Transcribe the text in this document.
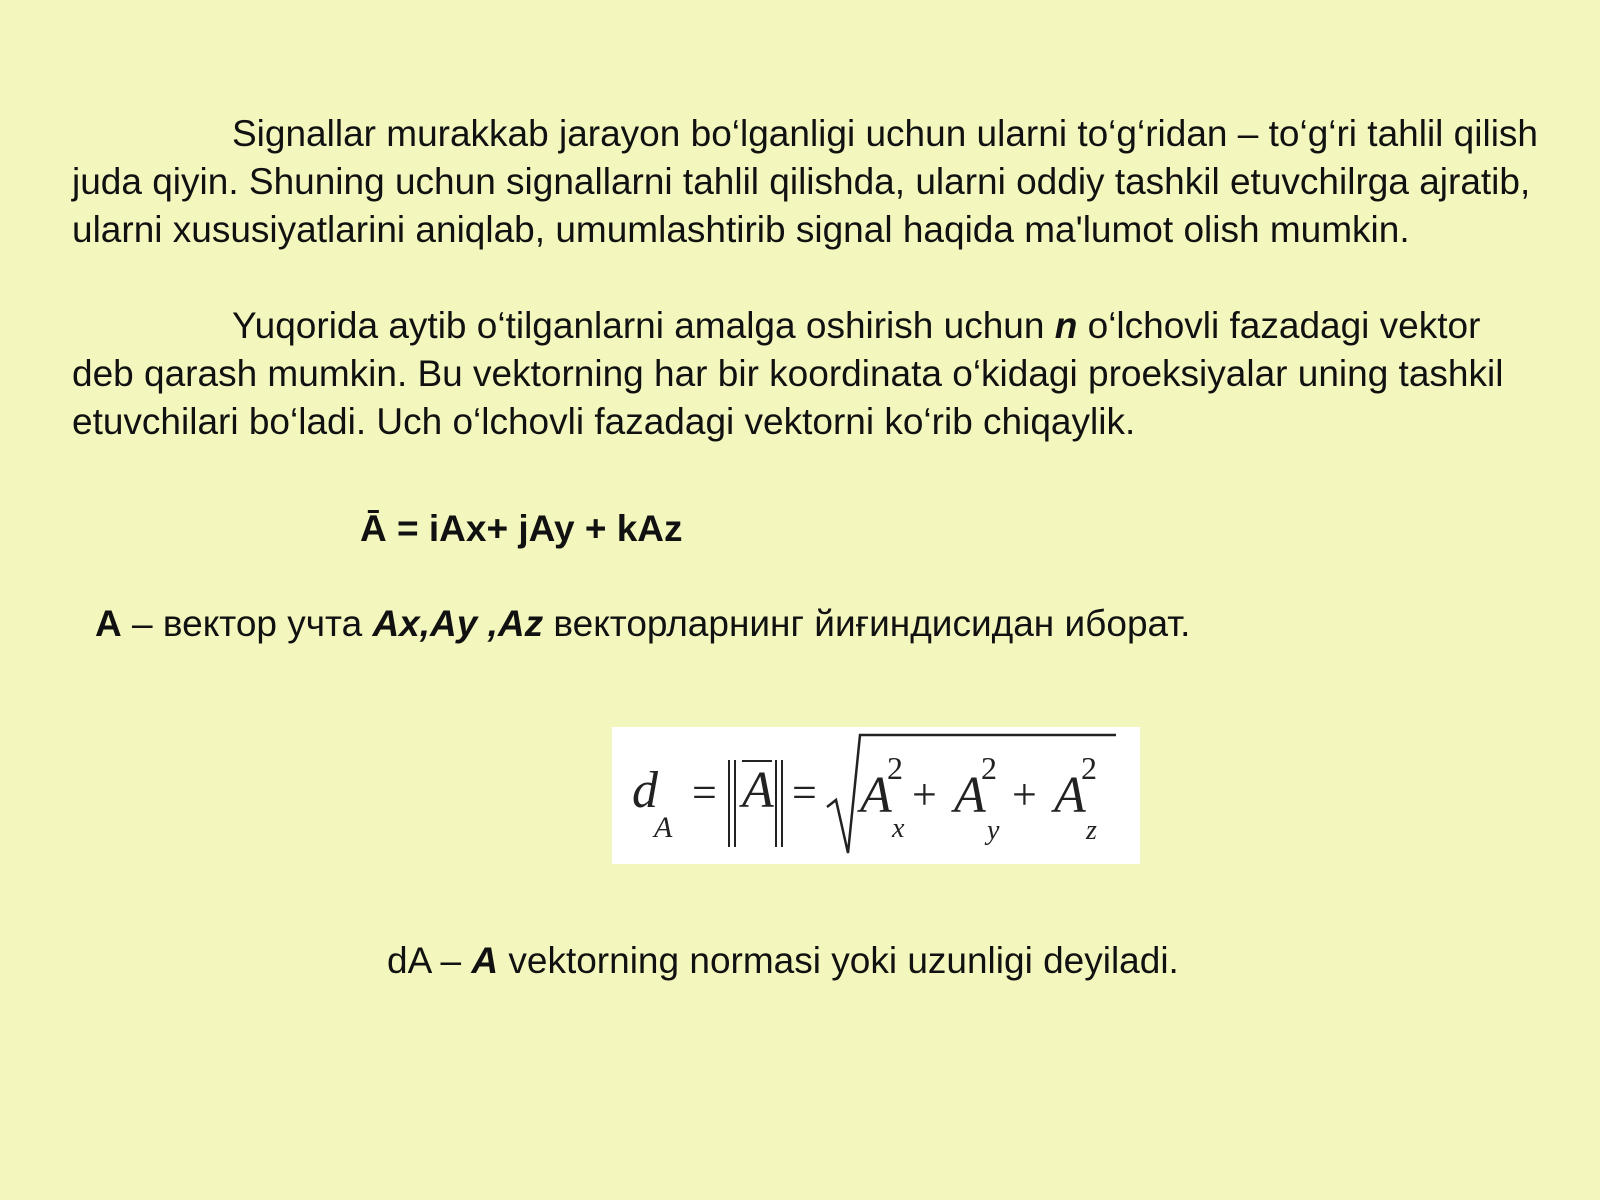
Signallar murakkab jarayon bo‘lganligi uchun ularni to‘g‘ridan – to‘g‘ri tahlil qilish juda qiyin. Shuning uchun signallarni tahlil qilishda, ularni oddiy tashkil etuvchilrga ajratib, ularni xususiyatlarini aniqlab, umumlashtirib signal haqida ma'lumot olish mumkin.

Yuqorida aytib o‘tilganlarni amalga oshirish uchun n o‘lchovli fazadagi vektor deb qarash mumkin. Bu vektorning har bir koordinata o‘kidagi proeksiyalar uning tashkil etuvchilari bo‘ladi. Uch o‘lchovli fazadagi vektorni ko‘rib chiqaylik.

Ā = iAx+ jAy + kAz
A – вектор учта Ax,Ay ,Az векторларнинг йиғиндисидан иборат.
d
A
= A = A
2
x
+ A
2
y
+ A
2
z
dA – A vektorning normasi yoki uzunligi deyiladi.
